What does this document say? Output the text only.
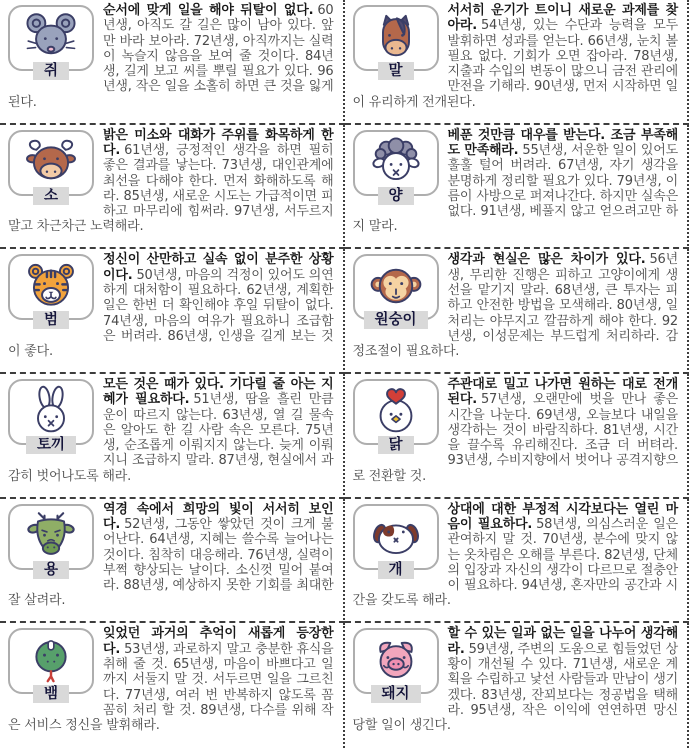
쥐

순서에 맞게 일을 해야 뒤탈이 없다. 60년생, 아직도 갈 길은 많이 남아 있다. 앞만 바라 보아라. 72년생, 아직까지는 실력이 녹슬지 않음을 보여 줄 것이다. 84년생, 길게 보고 씨를 뿌릴 필요가 있다. 96년생, 작은 일을 소홀히 하면 큰 것을 잃게 된다.

말

서서히 운기가 트이니 새로운 과제를 찾아라. 54년생, 있는 수단과 능력을 모두 발휘하면 성과를 얻는다. 66년생, 눈치 볼 필요 없다. 기회가 오면 잡아라. 78년생, 지출과 수입의 변동이 많으니 금전 관리에 만전을 기해라. 90년생, 먼저 시작하면 일이 유리하게 전개된다.

소

밝은 미소와 대화가 주위를 화목하게 한다. 61년생, 긍정적인 생각을 하면 필히 좋은 결과를 낳는다. 73년생, 대인관계에 최선을 다해야 한다. 먼저 화해하도록 해라. 85년생, 새로운 시도는 가급적이면 피하고 마무리에 힘써라. 97년생, 서두르지 말고 차근차근 노력해라.

양

베푼 것만큼 대우를 받는다. 조금 부족해도 만족해라. 55년생, 서운한 일이 있어도 훌훌 털어 버려라. 67년생, 자기 생각을 분명하게 정리할 필요가 있다. 79년생, 이름이 사방으로 퍼져나간다. 하지만 실속은 없다. 91년생, 베풀지 않고 얻으려고만 하지 말라.

범

정신이 산만하고 실속 없이 분주한 상황이다. 50년생, 마음의 걱정이 있어도 의연하게 대처함이 필요하다. 62년생, 계획한 일은 한번 더 확인해야 후일 뒤탈이 없다. 74년생, 마음의 여유가 필요하니 조급함은 버려라. 86년생, 인생을 길게 보는 것이 좋다.

원숭이

생각과 현실은 많은 차이가 있다. 56년생, 무리한 진행은 피하고 고양이에게 생선을 맡기지 말라. 68년생, 큰 투자는 피하고 안전한 방법을 모색해라. 80년생, 일 처리는 야무지고 깔끔하게 해야 한다. 92년생, 이성문제는 부드럽게 처리하라. 감정조절이 필요하다.

토끼

모든 것은 때가 있다. 기다릴 줄 아는 지혜가 필요하다. 51년생, 땀을 흘린 만큼 운이 따르지 않는다. 63년생, 열 길 물속은 알아도 한 길 사람 속은 모른다. 75년생, 순조롭게 이뤄지지 않는다. 늦게 이뤄지니 조급하지 말라. 87년생, 현실에서 과감히 벗어나도록 해라.

닭

주관대로 밀고 나가면 원하는 대로 전개된다. 57년생, 오랜만에 벗을 만나 좋은 시간을 나눈다. 69년생, 오늘보다 내일을 생각하는 것이 바람직하다. 81년생, 시간을 끌수록 유리해진다. 조금 더 버텨라. 93년생, 수비지향에서 벗어나 공격지향으로 전환할 것.

용

역경 속에서 희망의 빛이 서서히 보인다. 52년생, 그동안 쌓았던 것이 크게 불어난다. 64년생, 지혜는 쓸수록 늘어나는 것이다. 침착히 대응해라. 76년생, 실력이 부쩍 향상되는 날이다. 소신껏 밀어 붙여라. 88년생, 예상하지 못한 기회를 최대한 잘 살려라.

개

상대에 대한 부정적 시각보다는 열린 마음이 필요하다. 58년생, 의심스러운 일은 관여하지 말 것. 70년생, 분수에 맞지 않는 옷차림은 오해를 부른다. 82년생, 단체의 입장과 자신의 생각이 다르므로 절충안이 필요하다. 94년생, 혼자만의 공간과 시간을 갖도록 해라.

뱀

잊었던 과거의 추억이 새롭게 등장한다. 53년생, 과로하지 말고 충분한 휴식을 취해 줄 것. 65년생, 마음이 바쁘다고 일까지 서둘지 말 것. 서두르면 일을 그르친다. 77년생, 여러 번 반복하지 않도록 꼼꼼히 처리 할 것. 89년생, 다수를 위해 작은 서비스 정신을 발휘해라.

돼지

할 수 있는 일과 없는 일을 나누어 생각해라. 59년생, 주변의 도움으로 힘들었던 상황이 개선될 수 있다. 71년생, 새로운 계획을 수립하고 낯선 사람들과 만남이 생기겠다. 83년생, 잔꾀보다는 정공법을 택해라. 95년생, 작은 이익에 연연하면 망신 당할 일이 생긴다.
